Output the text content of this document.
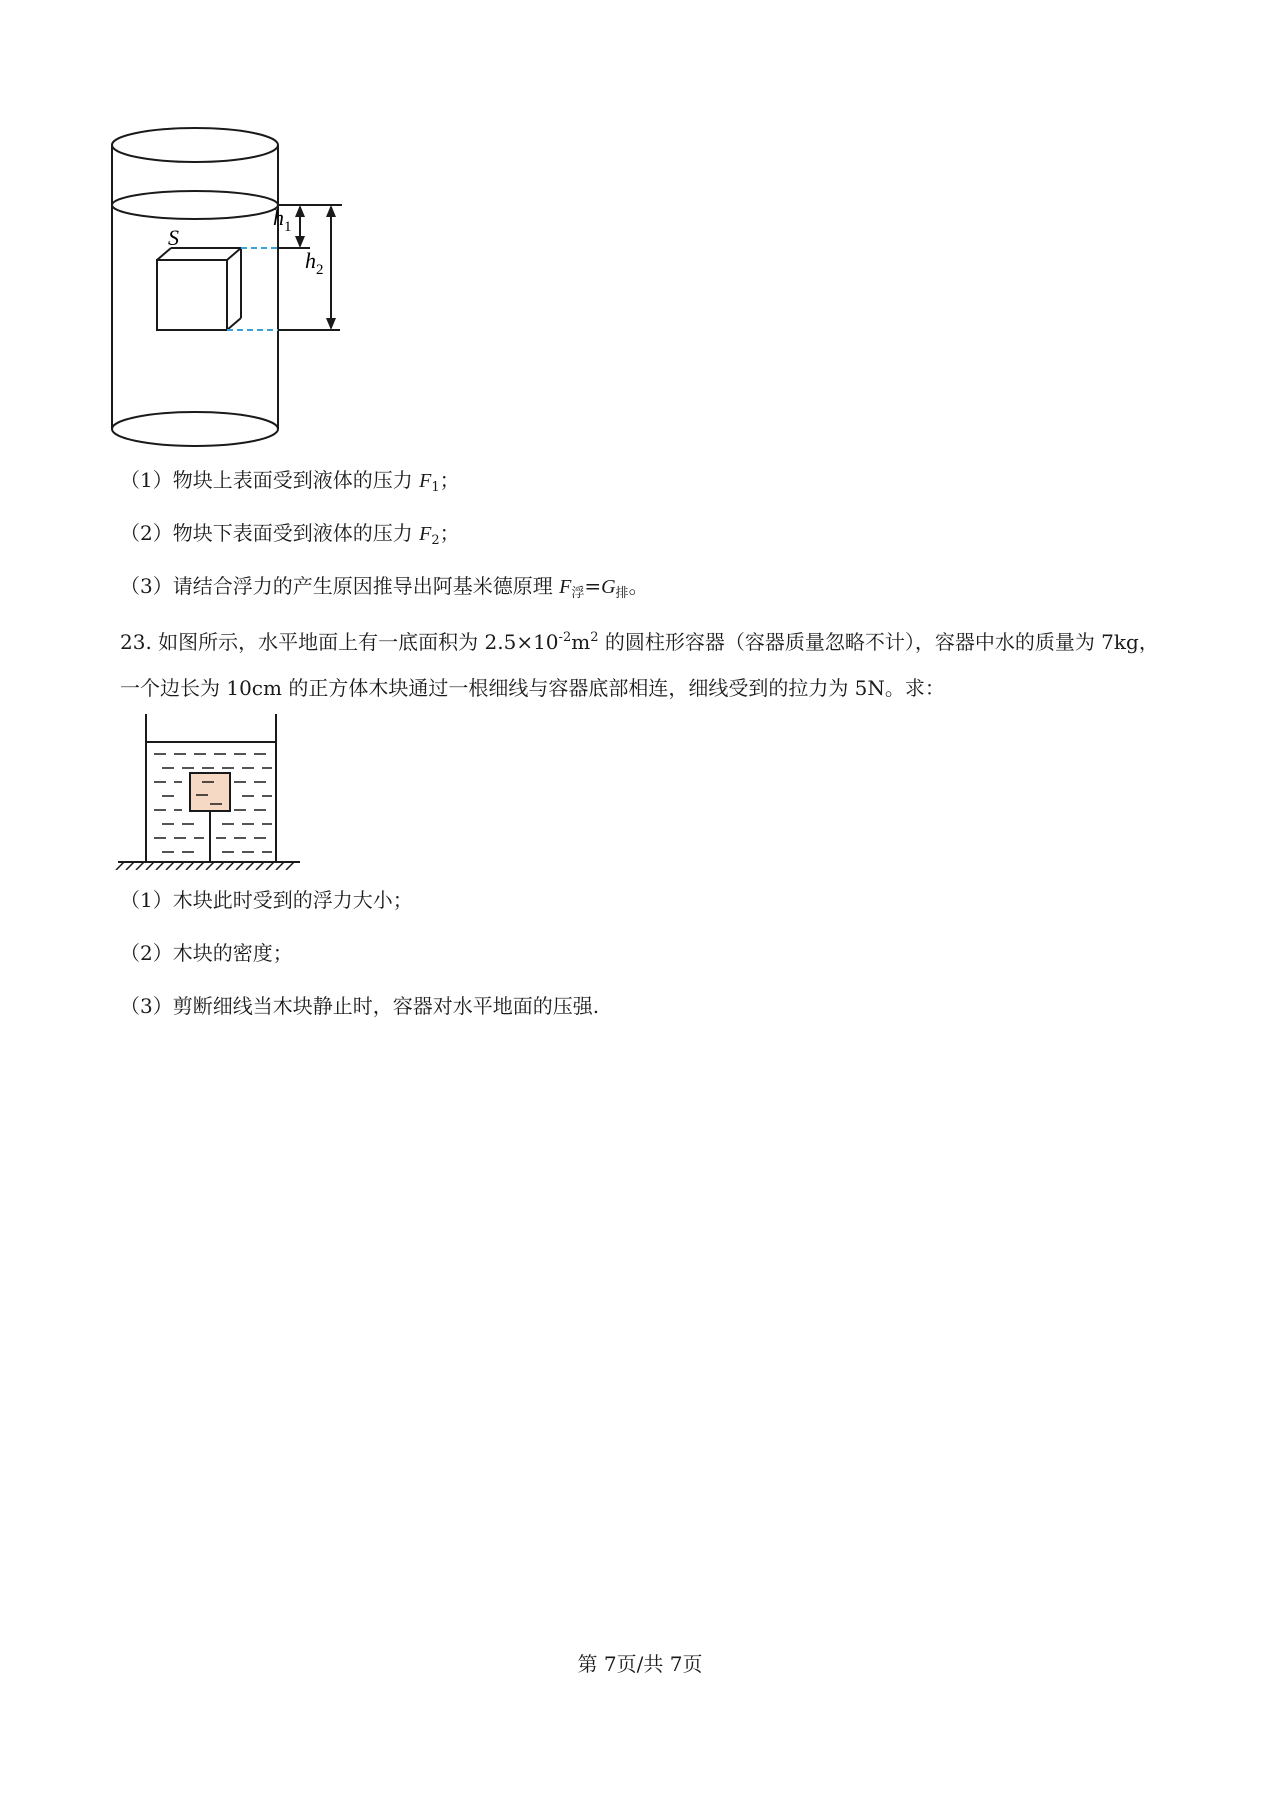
S
$h_1$
$h_2$
（1）物块上表面受到液体的压力 $F_1$；
（2）物块下表面受到液体的压力 $F_2$；
（3）请结合浮力的产生原因推导出阿基米德原理 $F_浮=G_排$。
23. 如图所示，水平地面上有一底面积为 $2.5\times 10^{-2}m^2$ 的圆柱形容器（容器质量忽略不计），容器中水的质量为 7kg，一个边长为 10cm 的正方体木块通过一根细线与容器底部相连，细线受到的拉力为 5N。求：
（1）木块此时受到的浮力大小；
（2）木块的密度；
（3）剪断细线当木块静止时，容器对水平地面的压强.
第 7页/共 7页
